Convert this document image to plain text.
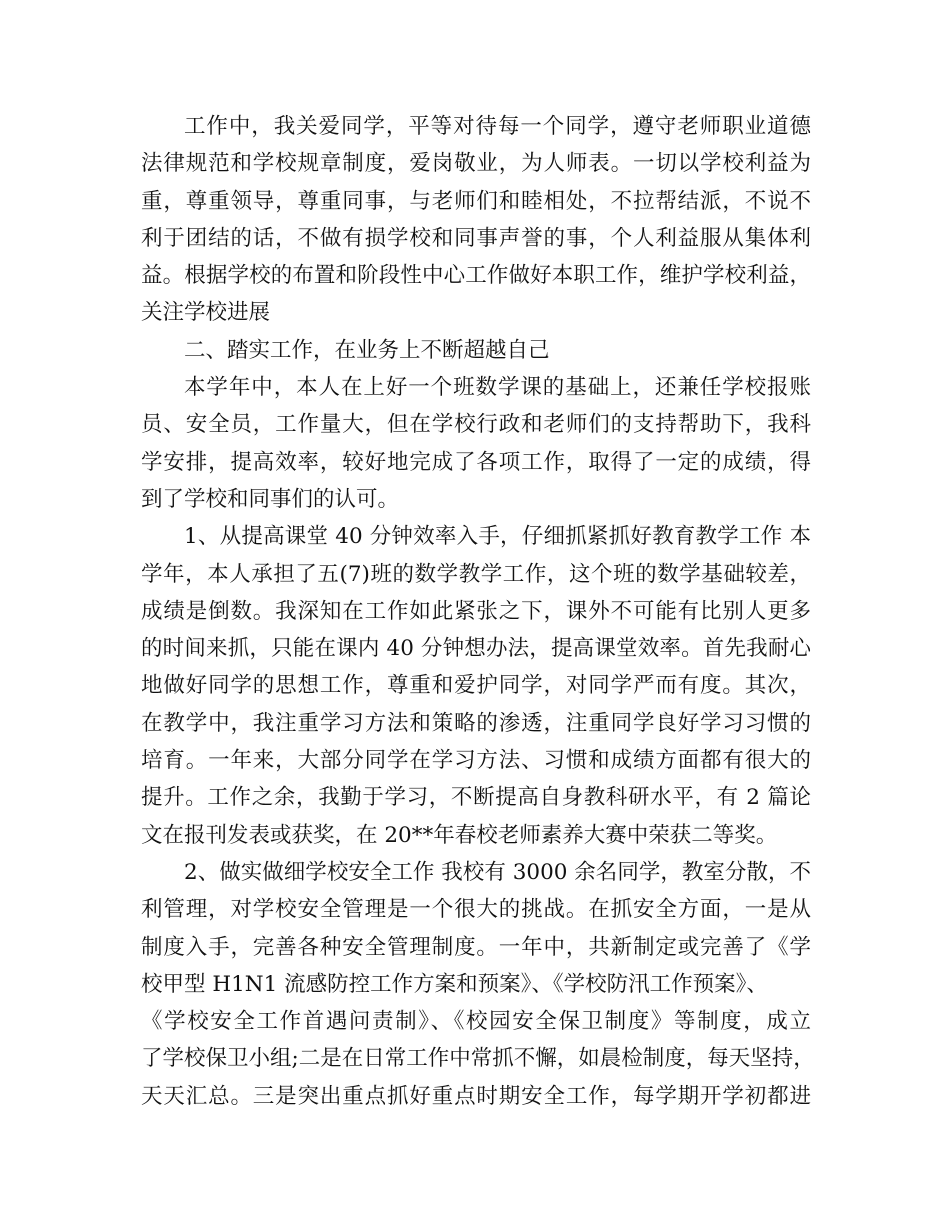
工作中，我关爱同学，平等对待每一个同学，遵守老师职业道德
法律规范和学校规章制度，爱岗敬业，为人师表。一切以学校利益为
重，尊重领导，尊重同事，与老师们和睦相处，不拉帮结派，不说不
利于团结的话，不做有损学校和同事声誉的事，个人利益服从集体利
益。根据学校的布置和阶段性中心工作做好本职工作，维护学校利益，
关注学校进展
二、踏实工作，在业务上不断超越自己
本学年中，本人在上好一个班数学课的基础上，还兼任学校报账
员、安全员，工作量大，但在学校行政和老师们的支持帮助下，我科
学安排，提高效率，较好地完成了各项工作，取得了一定的成绩，得
到了学校和同事们的认可。
1、从提高课堂 40 分钟效率入手，仔细抓紧抓好教育教学工作 本
学年，本人承担了五(7)班的数学教学工作，这个班的数学基础较差，
成绩是倒数。我深知在工作如此紧张之下，课外不可能有比别人更多
的时间来抓，只能在课内 40 分钟想办法，提高课堂效率。首先我耐心
地做好同学的思想工作，尊重和爱护同学，对同学严而有度。其次，
在教学中，我注重学习方法和策略的渗透，注重同学良好学习习惯的
培育。一年来，大部分同学在学习方法、习惯和成绩方面都有很大的
提升。工作之余，我勤于学习，不断提高自身教科研水平，有 2 篇论
文在报刊发表或获奖，在 20**年春校老师素养大赛中荣获二等奖。
2、做实做细学校安全工作 我校有 3000 余名同学，教室分散，不
利管理，对学校安全管理是一个很大的挑战。在抓安全方面，一是从
制度入手，完善各种安全管理制度。一年中，共新制定或完善了《学
校甲型 H1N1 流感防控工作方案和预案》、《学校防汛工作预案》、
《学校安全工作首遇问责制》、《校园安全保卫制度》等制度，成立
了学校保卫小组;二是在日常工作中常抓不懈，如晨检制度，每天坚持，
天天汇总。三是突出重点抓好重点时期安全工作，每学期开学初都进
